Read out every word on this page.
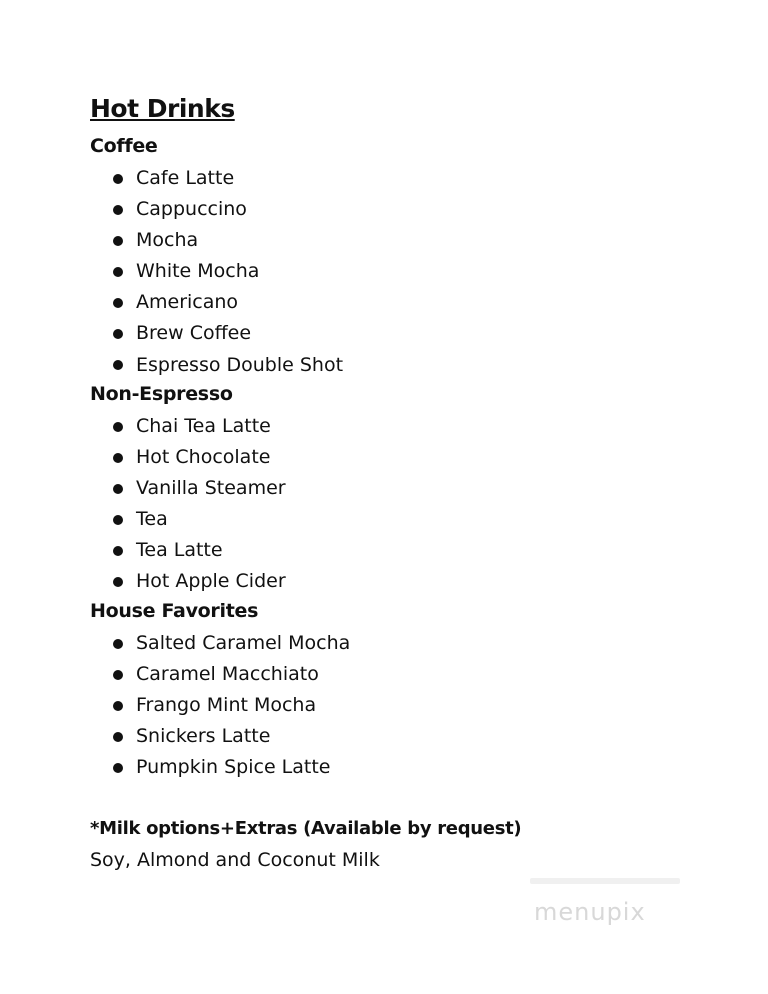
Hot Drinks
Coffee
Cafe Latte
Cappuccino
Mocha
White Mocha
Americano
Brew Coffee
Espresso Double Shot
Non-Espresso
Chai Tea Latte
Hot Chocolate
Vanilla Steamer
Tea
Tea Latte
Hot Apple Cider
House Favorites
Salted Caramel Mocha
Caramel Macchiato
Frango Mint Mocha
Snickers Latte
Pumpkin Spice Latte

*Milk options+Extras (Available by request)

Soy, Almond and Coconut Milk

menupix
